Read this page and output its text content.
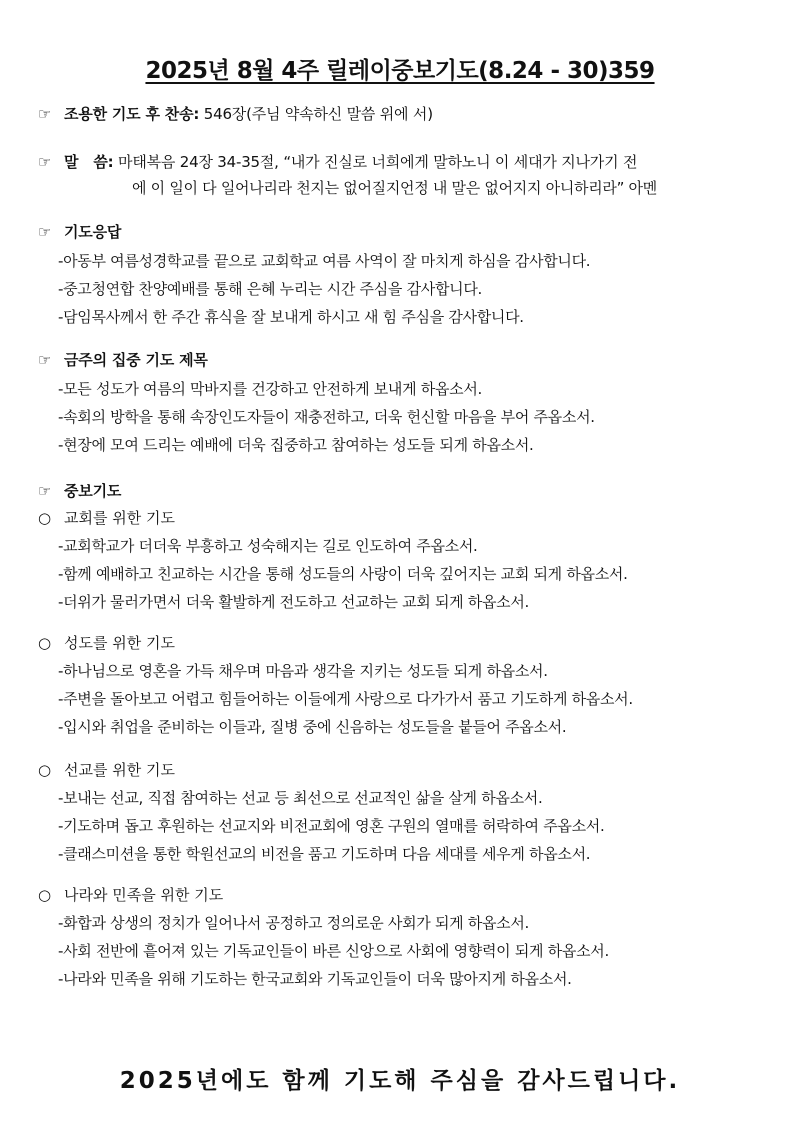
2025년 8월 4주 릴레이중보기도(8.24 - 30)359
☞ 조용한 기도 후 찬송: 546장(주님 약속하신 말씀 위에 서)
☞ 말   씀: 마태복음 24장 34-35절, “내가 진실로 너희에게 말하노니 이 세대가 지나가기 전
에 이 일이 다 일어나리라 천지는 없어질지언정 내 말은 없어지지 아니하리라” 아멘
☞ 기도응답
-아동부 여름성경학교를 끝으로 교회학교 여름 사역이 잘 마치게 하심을 감사합니다.
-중고청연합 찬양예배를 통해 은혜 누리는 시간 주심을 감사합니다.
-담임목사께서 한 주간 휴식을 잘 보내게 하시고 새 힘 주심을 감사합니다.
☞ 금주의 집중 기도 제목
-모든 성도가 여름의 막바지를 건강하고 안전하게 보내게 하옵소서.
-속회의 방학을 통해 속장인도자들이 재충전하고, 더욱 헌신할 마음을 부어 주옵소서.
-현장에 모여 드리는 예배에 더욱 집중하고 참여하는 성도들 되게 하옵소서.
☞ 중보기도
○ 교회를 위한 기도
-교회학교가 더더욱 부흥하고 성숙해지는 길로 인도하여 주옵소서.
-함께 예배하고 친교하는 시간을 통해 성도들의 사랑이 더욱 깊어지는 교회 되게 하옵소서.
-더위가 물러가면서 더욱 활발하게 전도하고 선교하는 교회 되게 하옵소서.
○ 성도를 위한 기도
-하나님으로 영혼을 가득 채우며 마음과 생각을 지키는 성도들 되게 하옵소서.
-주변을 돌아보고 어렵고 힘들어하는 이들에게 사랑으로 다가가서 품고 기도하게 하옵소서.
-입시와 취업을 준비하는 이들과, 질병 중에 신음하는 성도들을 붙들어 주옵소서.
○ 선교를 위한 기도
-보내는 선교, 직접 참여하는 선교 등 최선으로 선교적인 삶을 살게 하옵소서.
-기도하며 돕고 후원하는 선교지와 비전교회에 영혼 구원의 열매를 허락하여 주옵소서.
-클래스미션을 통한 학원선교의 비전을 품고 기도하며 다음 세대를 세우게 하옵소서.
○ 나라와 민족을 위한 기도
-화합과 상생의 정치가 일어나서 공정하고 정의로운 사회가 되게 하옵소서.
-사회 전반에 흩어져 있는 기독교인들이 바른 신앙으로 사회에 영향력이 되게 하옵소서.
-나라와 민족을 위해 기도하는 한국교회와 기독교인들이 더욱 많아지게 하옵소서.
2025년에도 함께 기도해 주심을 감사드립니다.
